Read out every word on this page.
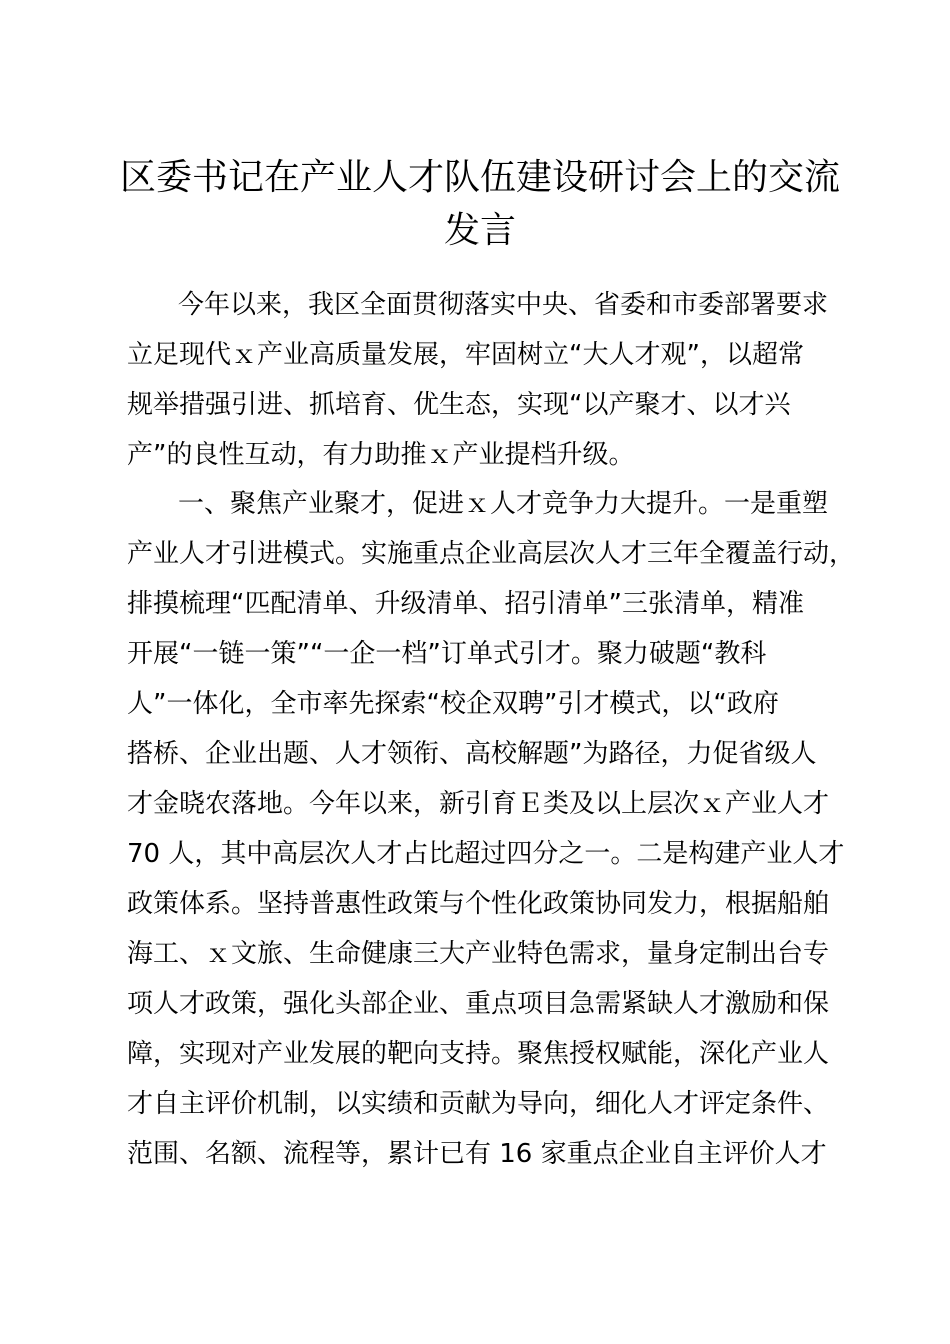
区委书记在产业人才队伍建设研讨会上的交流
发言
今年以来，我区全面贯彻落实中央、省委和市委部署要求
立足现代ｘ产业高质量发展，牢固树立“大人才观”，以超常
规举措强引进、抓培育、优生态，实现“以产聚才、以才兴
产”的良性互动，有力助推ｘ产业提档升级。
一、聚焦产业聚才，促进ｘ人才竞争力大提升。一是重塑
产业人才引进模式。实施重点企业高层次人才三年全覆盖行动，
排摸梳理“匹配清单、升级清单、招引清单”三张清单，精准
开展“一链一策”“一企一档”订单式引才。聚力破题“教科
人”一体化，全市率先探索“校企双聘”引才模式，以“政府
搭桥、企业出题、人才领衔、高校解题”为路径，力促省级人
才金晓农落地。今年以来，新引育Ｅ类及以上层次ｘ产业人才
70 人，其中高层次人才占比超过四分之一。二是构建产业人才
政策体系。坚持普惠性政策与个性化政策协同发力，根据船舶
海工、ｘ文旅、生命健康三大产业特色需求，量身定制出台专
项人才政策，强化头部企业、重点项目急需紧缺人才激励和保
障，实现对产业发展的靶向支持。聚焦授权赋能，深化产业人
才自主评价机制，以实绩和贡献为导向，细化人才评定条件、
范围、名额、流程等，累计已有 16 家重点企业自主评价人才
